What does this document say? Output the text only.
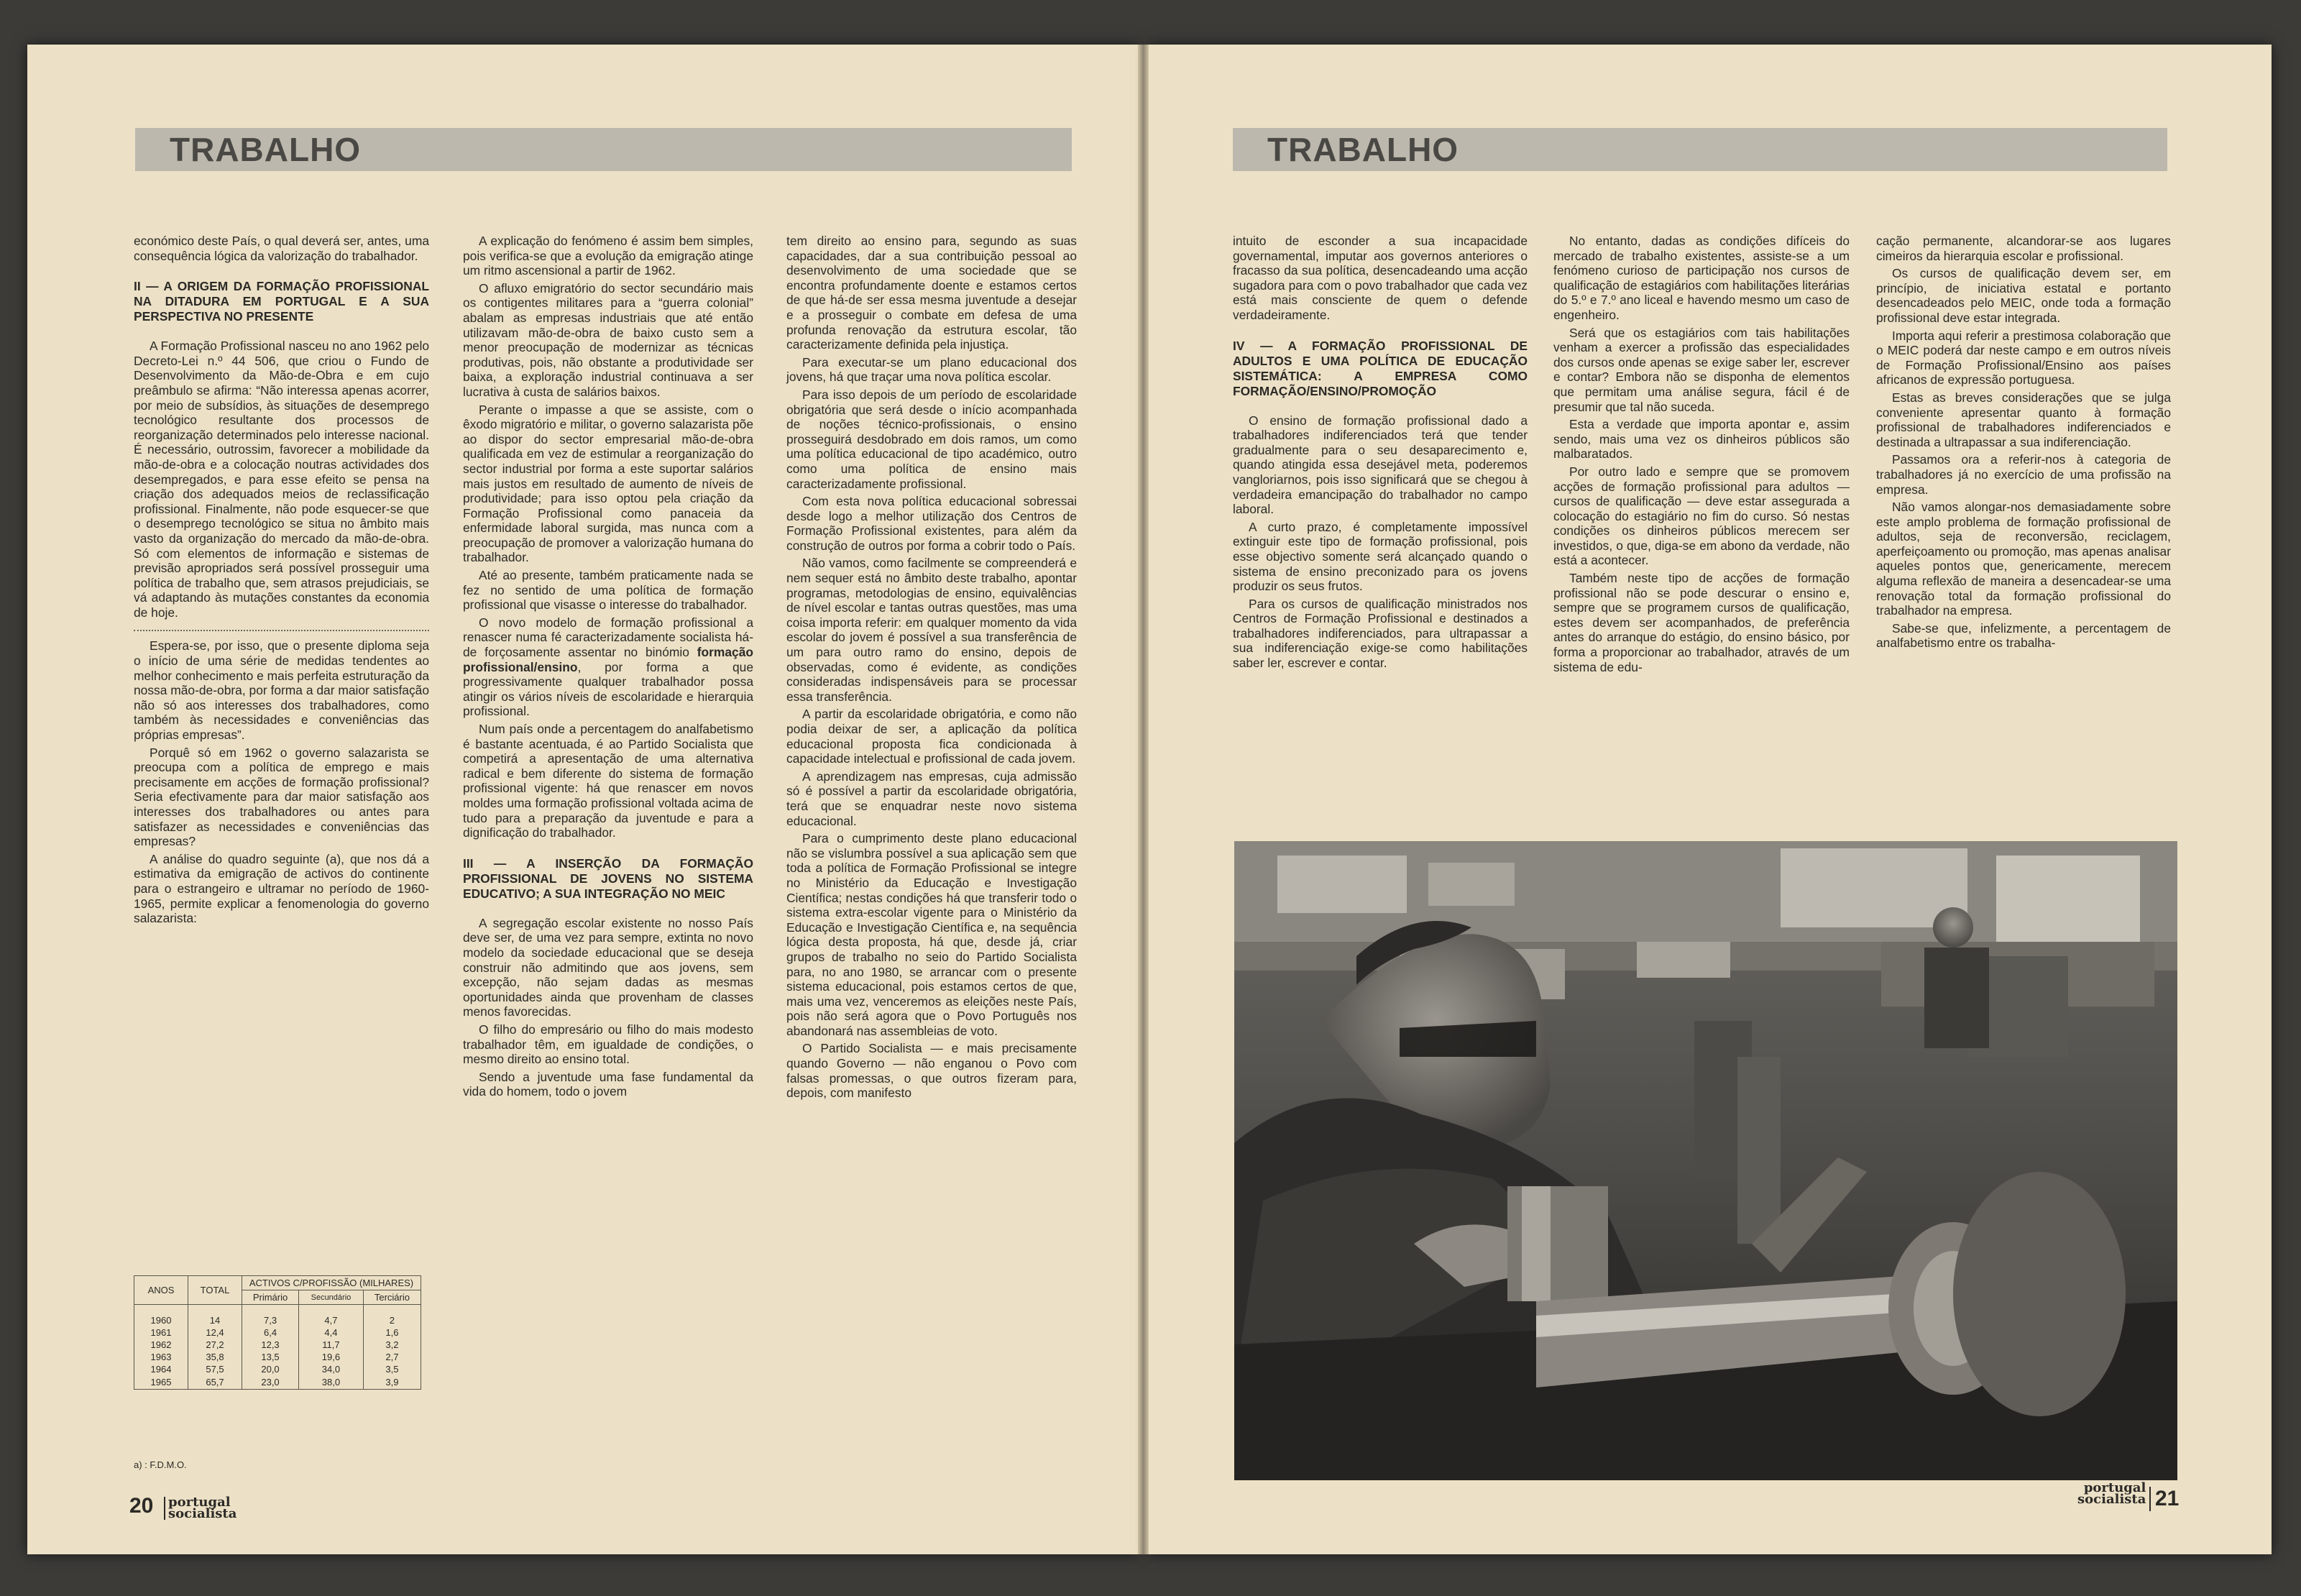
TRABALHO	TRABALHO

económico deste País, o qual deverá ser, antes, uma consequência lógica da valorização do trabalhador.

II — A ORIGEM DA FORMAÇÃO PROFISSIONAL NA DITADURA EM PORTUGAL E A SUA PERSPECTIVA NO PRESENTE

A Formação Profissional nasceu no ano 1962 pelo Decreto-Lei n.º 44 506, que criou o Fundo de Desenvolvimento da Mão-de-Obra e em cujo preâmbulo se afirma: “Não interessa apenas acorrer, por meio de subsídios, às situações de desemprego tecnológico resultante dos processos de reorganização determinados pelo interesse nacional. É necessário, outrossim, favorecer a mobilidade da mão-de-obra e a colocação noutras actividades dos desempregados, e para esse efeito se pensa na criação dos adequados meios de reclassificação profissional. Finalmente, não pode esquecer-se que o desemprego tecnológico se situa no âmbito mais vasto da organização do mercado da mão-de-obra. Só com elementos de informação e sistemas de previsão apropriados será possível prosseguir uma política de trabalho que, sem atrasos prejudiciais, se vá adaptando às mutações constantes da economia de hoje.

Espera-se, por isso, que o presente diploma seja o início de uma série de medidas tendentes ao melhor conhecimento e mais perfeita estruturação da nossa mão-de-obra, por forma a dar maior satisfação não só aos interesses dos trabalhadores, como também às necessidades e conveniências das próprias empresas”.

Porquê só em 1962 o governo salazarista se preocupa com a política de emprego e mais precisamente em acções de formação profissional? Seria efectivamente para dar maior satisfação aos interesses dos trabalhadores ou antes para satisfazer as necessidades e conveniências das empresas?

A análise do quadro seguinte (a), que nos dá a estimativa da emigração de activos do continente para o estrangeiro e ultramar no período de 1960-1965, permite explicar a fenomenologia do governo salazarista:

ANOS	TOTAL	ACTIVOS C/PROFISSÃO (MILHARES)		
		Primário	Secundário	Terciário
1960	14	7,3	4,7	2
1961	12,4	6,4	4,4	1,6
1962	27,2	12,3	11,7	3,2
1963	35,8	13,5	19,6	2,7
1964	57,5	20,0	34,0	3,5
1965	65,7	23,0	38,0	3,9
a) : F.D.M.O.

A explicação do fenómeno é assim bem simples, pois verifica-se que a evolução da emigração atinge um ritmo ascensional a partir de 1962.

O afluxo emigratório do sector secundário mais os contigentes militares para a “guerra colonial” abalam as empresas industriais que até então utilizavam mão-de-obra de baixo custo sem a menor preocupação de modernizar as técnicas produtivas, pois, não obstante a produtividade ser baixa, a exploração industrial continuava a ser lucrativa à custa de salários baixos.

Perante o impasse a que se assiste, com o êxodo migratório e militar, o governo salazarista põe ao dispor do sector empresarial mão-de-obra qualificada em vez de estimular a reorganização do sector industrial por forma a este suportar salários mais justos em resultado de aumento de níveis de produtividade; para isso optou pela criação da Formação Profissional como panaceia da enfermidade laboral surgida, mas nunca com a preocupação de promover a valorização humana do trabalhador.

Até ao presente, também praticamente nada se fez no sentido de uma política de formação profissional que visasse o interesse do trabalhador.

O novo modelo de formação profissional a renascer numa fé caracterizadamente socialista há-de forçosamente assentar no binómio formação profissional/ensino, por forma a que progressivamente qualquer trabalhador possa atingir os vários níveis de escolaridade e hierarquia profissional.

Num país onde a percentagem do analfabetismo é bastante acentuada, é ao Partido Socialista que competirá a apresentação de uma alternativa radical e bem diferente do sistema de formação profissional vigente: há que renascer em novos moldes uma formação profissional voltada acima de tudo para a preparação da juventude e para a dignificação do trabalhador.

III — A INSERÇÃO DA FORMAÇÃO PROFISSIONAL DE JOVENS NO SISTEMA EDUCATIVO; A SUA INTEGRAÇÃO NO MEIC

A segregação escolar existente no nosso País deve ser, de uma vez para sempre, extinta no novo modelo da sociedade educacional que se deseja construir não admitindo que aos jovens, sem excepção, não sejam dadas as mesmas oportunidades ainda que provenham de classes menos favorecidas.

O filho do empresário ou filho do mais modesto trabalhador têm, em igualdade de condições, o mesmo direito ao ensino total.

Sendo a juventude uma fase fundamental da vida do homem, todo o jovem

tem direito ao ensino para, segundo as suas capacidades, dar a sua contribuição pessoal ao desenvolvimento de uma sociedade que se encontra profundamente doente e estamos certos de que há-de ser essa mesma juventude a desejar e a prosseguir o combate em defesa de uma profunda renovação da estrutura escolar, tão caracterizamente definida pela injustiça.

Para executar-se um plano educacional dos jovens, há que traçar uma nova política escolar.

Para isso depois de um período de escolaridade obrigatória que será desde o início acompanhada de noções técnico-profissionais, o ensino prosseguirá desdobrado em dois ramos, um como uma política educacional de tipo académico, outro como uma política de ensino mais caracterizadamente profissional.

Com esta nova política educacional sobressai desde logo a melhor utilização dos Centros de Formação Profissional existentes, para além da construção de outros por forma a cobrir todo o País.

Não vamos, como facilmente se compreenderá e nem sequer está no âmbito deste trabalho, apontar programas, metodologias de ensino, equivalências de nível escolar e tantas outras questões, mas uma coisa importa referir: em qualquer momento da vida escolar do jovem é possível a sua transferência de um para outro ramo do ensino, depois de observadas, como é evidente, as condições consideradas indispensáveis para se processar essa transferência.

A partir da escolaridade obrigatória, e como não podia deixar de ser, a aplicação da política educacional proposta fica condicionada à capacidade intelectual e profissional de cada jovem.

A aprendizagem nas empresas, cuja admissão só é possível a partir da escolaridade obrigatória, terá que se enquadrar neste novo sistema educacional.

Para o cumprimento deste plano educacional não se vislumbra possível a sua aplicação sem que toda a política de Formação Profissional se integre no Ministério da Educação e Investigação Científica; nestas condições há que transferir todo o sistema extra-escolar vigente para o Ministério da Educação e Investigação Científica e, na sequência lógica desta proposta, há que, desde já, criar grupos de trabalho no seio do Partido Socialista para, no ano 1980, se arrancar com o presente sistema educacional, pois estamos certos de que, mais uma vez, venceremos as eleições neste País, pois não será agora que o Povo Português nos abandonará nas assembleias de voto.

O Partido Socialista — e mais precisamente quando Governo — não enganou o Povo com falsas promessas, o que outros fizeram para, depois, com manifesto

20 portugal
socialista

intuito de esconder a sua incapacidade governamental, imputar aos governos anteriores o fracasso da sua política, desencadeando uma acção sugadora para com o povo trabalhador que cada vez está mais consciente de quem o defende verdadeiramente.

IV — A FORMAÇÃO PROFISSIONAL DE ADULTOS E UMA POLÍTICA DE EDUCAÇÃO SISTEMÁTICA: A EMPRESA COMO FORMAÇÃO/ENSINO/PROMOÇÃO

O ensino de formação profissional dado a trabalhadores indiferenciados terá que tender gradualmente para o seu desaparecimento e, quando atingida essa desejável meta, poderemos vangloriarnos, pois isso significará que se chegou à verdadeira emancipação do trabalhador no campo laboral.

A curto prazo, é completamente impossível extinguir este tipo de formação profissional, pois esse objectivo somente será alcançado quando o sistema de ensino preconizado para os jovens produzir os seus frutos.

Para os cursos de qualificação ministrados nos Centros de Formação Profissional e destinados a trabalhadores indiferenciados, para ultrapassar a sua indiferenciação exige-se como habilitações saber ler, escrever e contar.

No entanto, dadas as condições difíceis do mercado de trabalho existentes, assiste-se a um fenómeno curioso de participação nos cursos de qualificação de estagiários com habilitações literárias do 5.º e 7.º ano liceal e havendo mesmo um caso de engenheiro.

Será que os estagiários com tais habilitações venham a exercer a profissão das especialidades dos cursos onde apenas se exige saber ler, escrever e contar? Embora não se disponha de elementos que permitam uma análise segura, fácil é de presumir que tal não suceda.

Esta a verdade que importa apontar e, assim sendo, mais uma vez os dinheiros públicos são malbaratados.

Por outro lado e sempre que se promovem acções de formação profissional para adultos — cursos de qualificação — deve estar assegurada a colocação do estagiário no fim do curso. Só nestas condições os dinheiros públicos merecem ser investidos, o que, diga-se em abono da verdade, não está a acontecer.

Também neste tipo de acções de formação profissional não se pode descurar o ensino e, sempre que se programem cursos de qualificação, estes devem ser acompanhados, de preferência antes do arranque do estágio, do ensino básico, por forma a proporcionar ao trabalhador, através de um sistema de edu-

cação permanente, alcandorar-se aos lugares cimeiros da hierarquia escolar e profissional.

Os cursos de qualificação devem ser, em princípio, de iniciativa estatal e portanto desencadeados pelo MEIC, onde toda a formação profissional deve estar integrada.

Importa aqui referir a prestimosa colaboração que o MEIC poderá dar neste campo e em outros níveis de Formação Profissional/Ensino aos países africanos de expressão portuguesa.

Estas as breves considerações que se julga conveniente apresentar quanto à formação profissional de trabalhadores indiferenciados e destinada a ultrapassar a sua indiferenciação.

Passamos ora a referir-nos à categoria de trabalhadores já no exercício de uma profissão na empresa.

Não vamos alongar-nos demasiadamente sobre este amplo problema de formação profissional de adultos, seja de reconversão, reciclagem, aperfeiçoamento ou promoção, mas apenas analisar aqueles pontos que, genericamente, merecem alguma reflexão de maneira a desencadear-se uma renovação total da formação profissional do trabalhador na empresa.

Sabe-se que, infelizmente, a percentagem de analfabetismo entre os trabalha-

portugal
socialista 21
